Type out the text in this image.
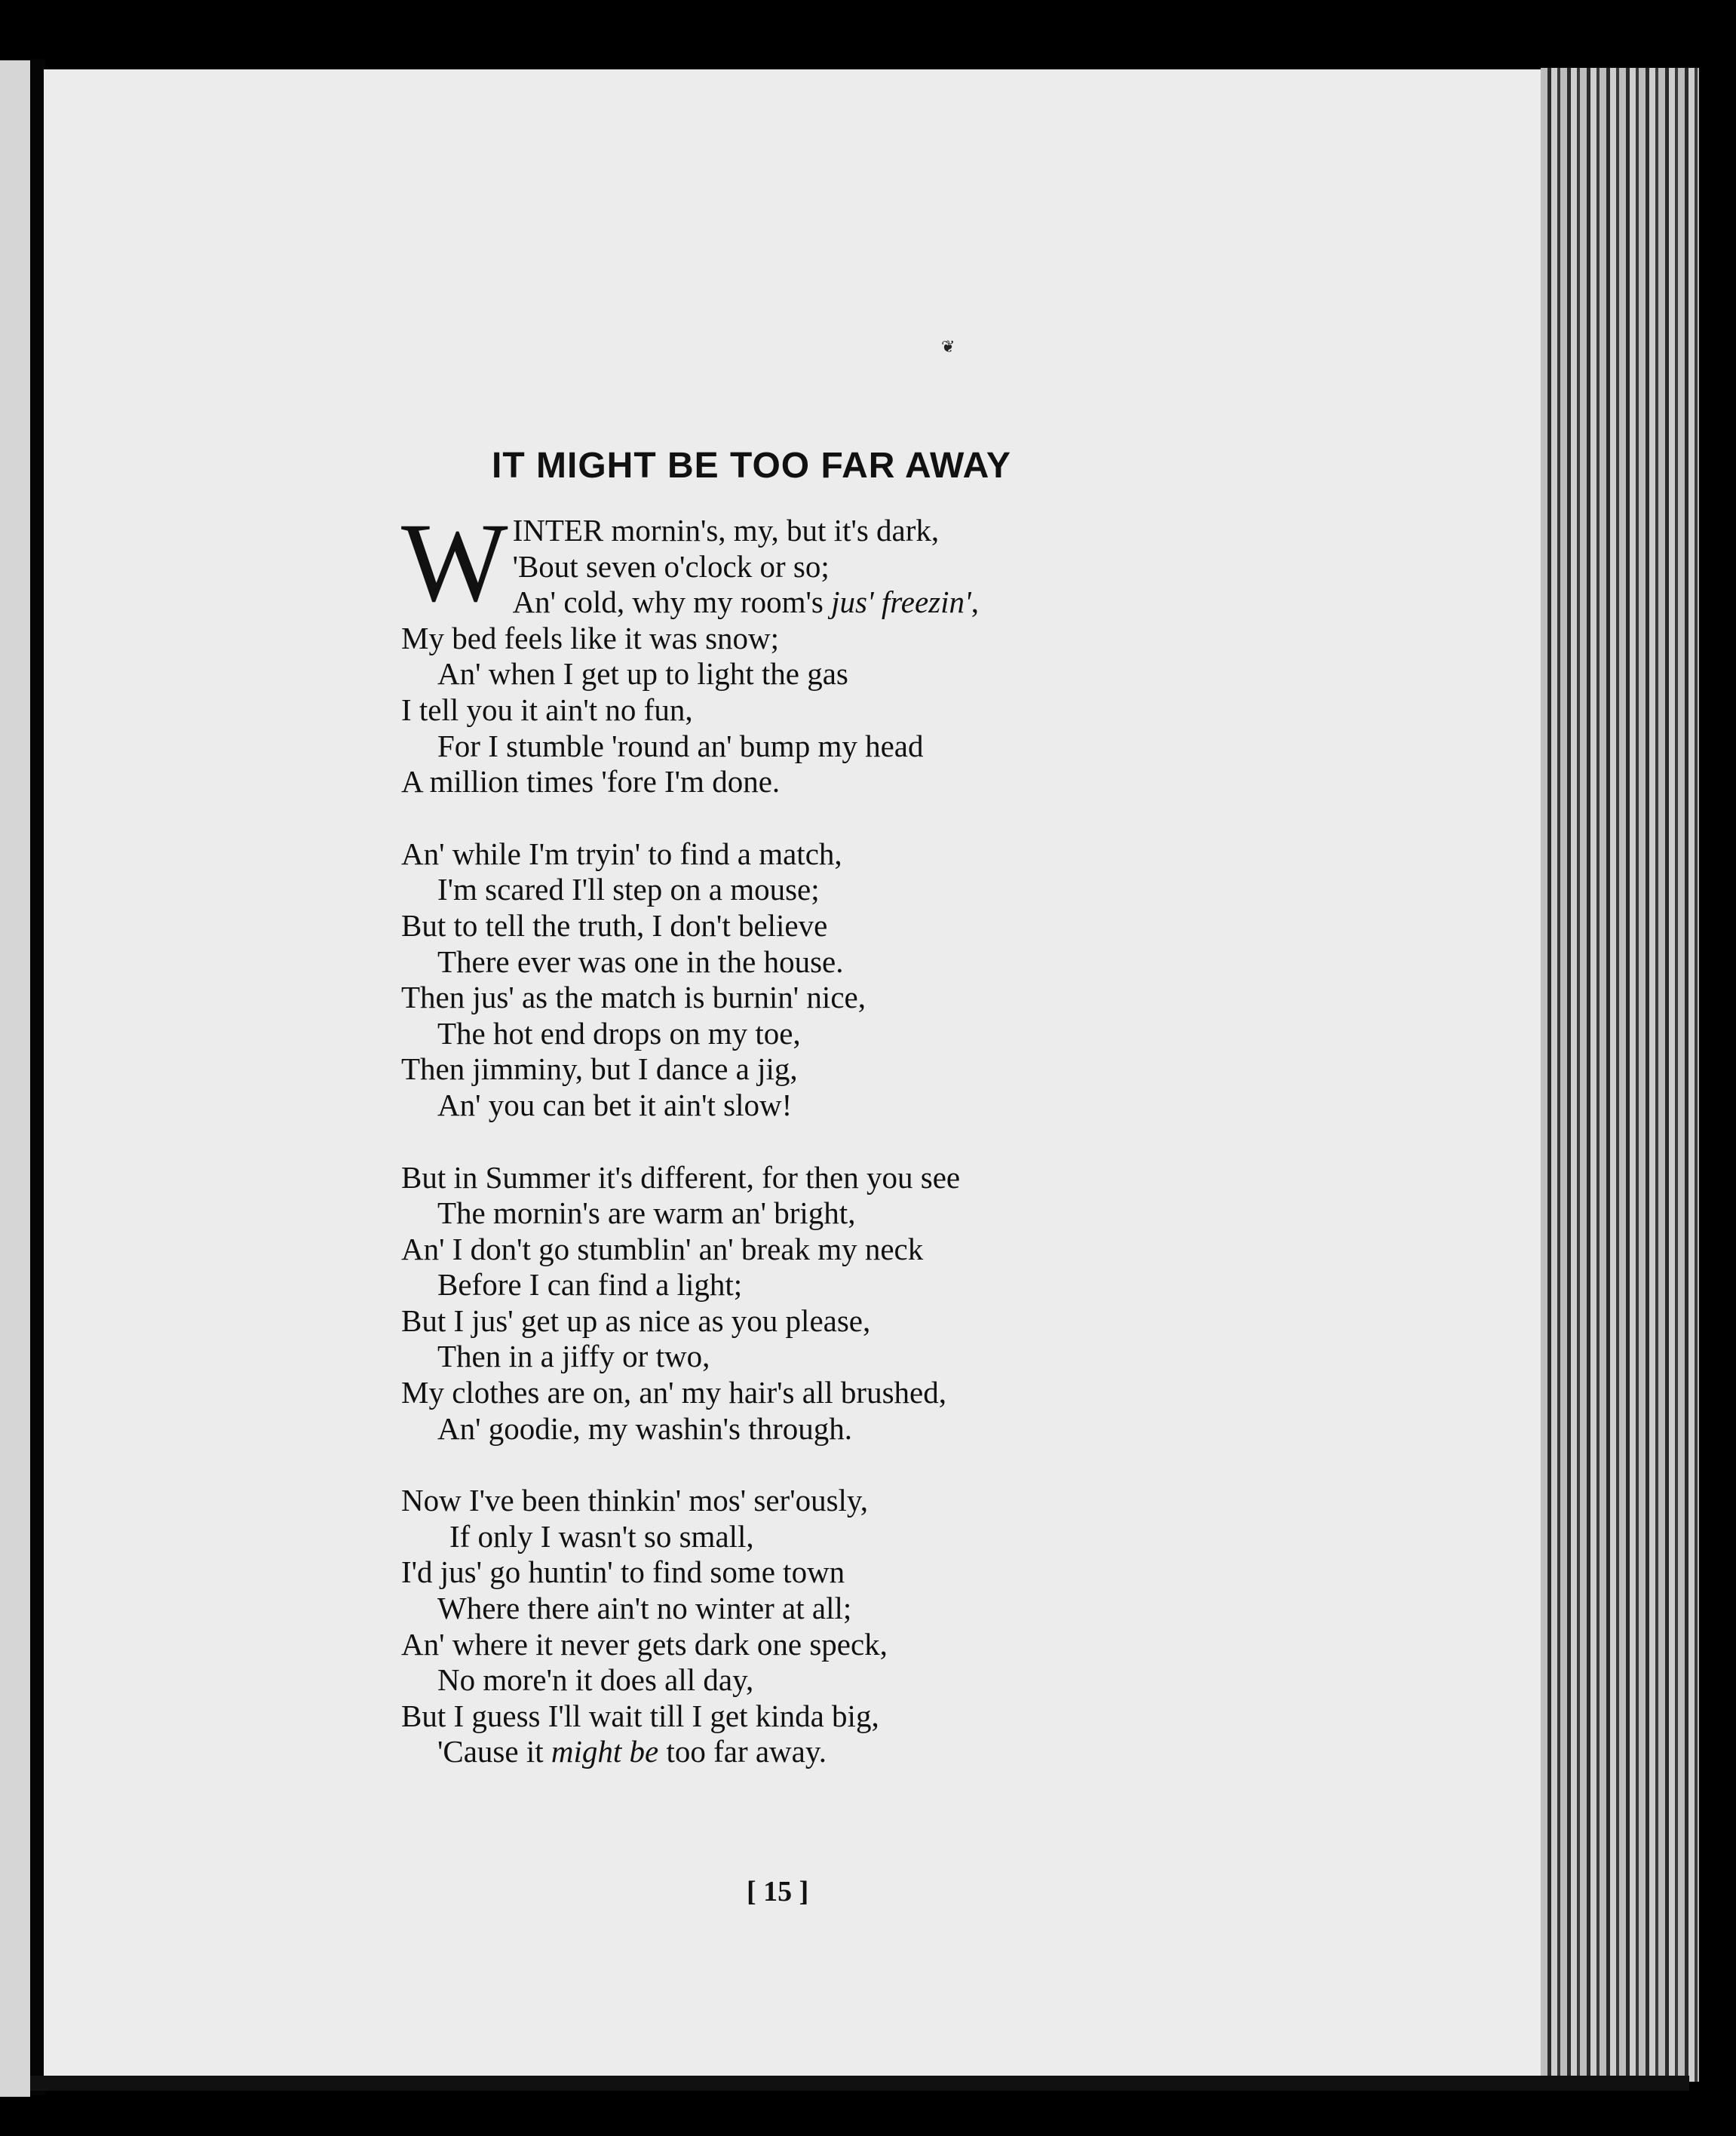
❦
IT MIGHT BE TOO FAR AWAY
W INTER mornin's, my, but it's dark,
'Bout seven o'clock or so;
An' cold, why my room's jus' freezin',
My bed feels like it was snow;
An' when I get up to light the gas
I tell you it ain't no fun,
For I stumble 'round an' bump my head
A million times 'fore I'm done.
An' while I'm tryin' to find a match,
I'm scared I'll step on a mouse;
But to tell the truth, I don't believe
There ever was one in the house.
Then jus' as the match is burnin' nice,
The hot end drops on my toe,
Then jimminy, but I dance a jig,
An' you can bet it ain't slow!
But in Summer it's different, for then you see
The mornin's are warm an' bright,
An' I don't go stumblin' an' break my neck
Before I can find a light;
But I jus' get up as nice as you please,
Then in a jiffy or two,
My clothes are on, an' my hair's all brushed,
An' goodie, my washin's through.
Now I've been thinkin' mos' ser'ously,
If only I wasn't so small,
I'd jus' go huntin' to find some town
Where there ain't no winter at all;
An' where it never gets dark one speck,
No more'n it does all day,
But I guess I'll wait till I get kinda big,
'Cause it might be too far away.
[ 15 ]
